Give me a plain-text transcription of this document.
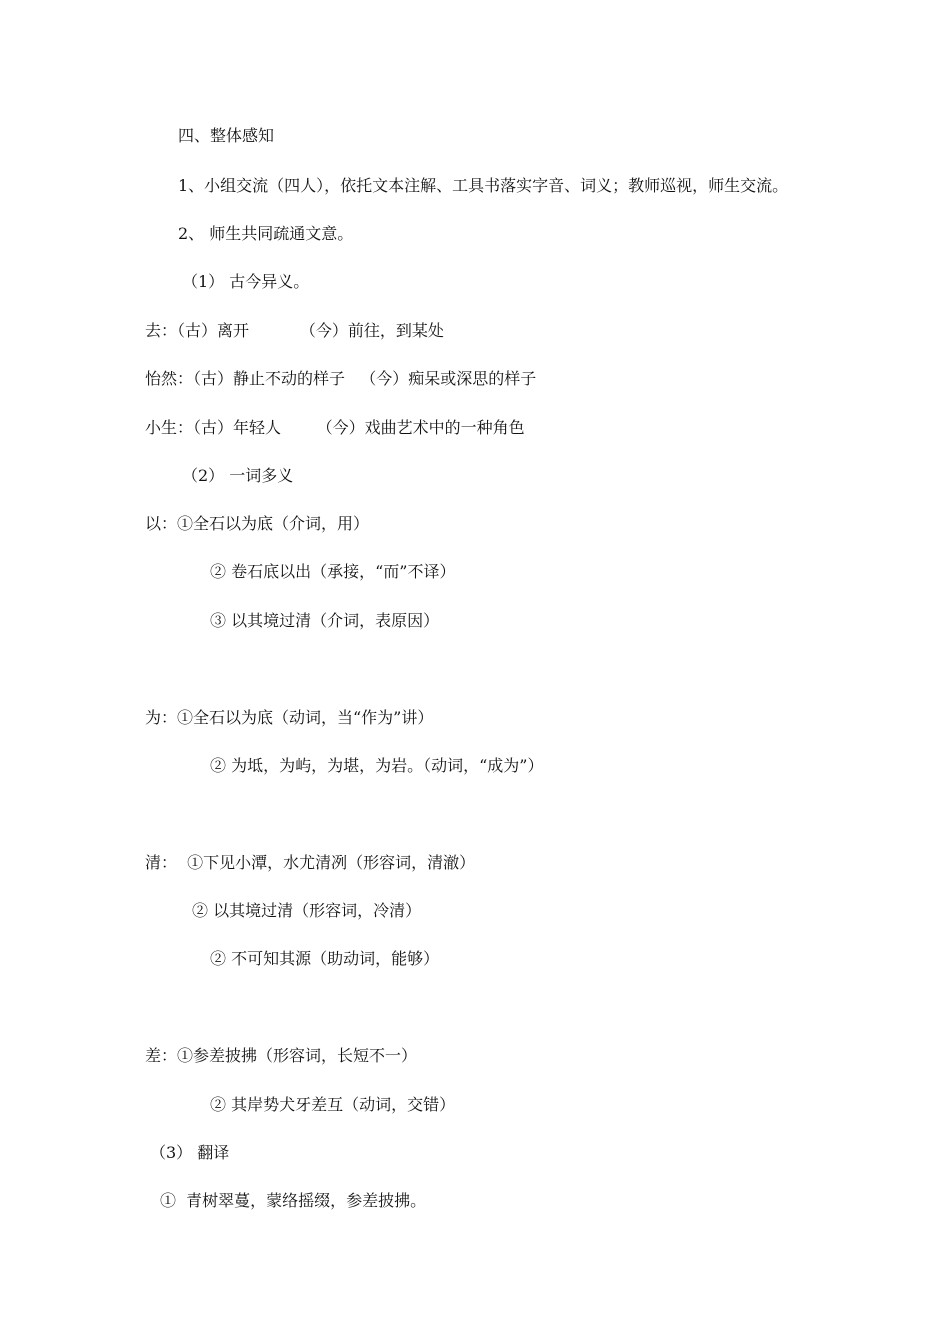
四、整体感知
1、小组交流（四人），依托文本注解、工具书落实字音、词义；教师巡视，师生交流。
2、 师生共同疏通文意。
（1） 古今异义。
去：（古）离开          （今）前往，到某处
怡然：（古）静止不动的样子   （今）痴呆或深思的样子
小生：（古）年轻人       （今）戏曲艺术中的一种角色
（2） 一词多义
以：①全石以为底（介词，用）
② 卷石底以出（承接，“而”不译）
③ 以其境过清（介词，表原因）
为：①全石以为底（动词，当“作为”讲）
② 为坻，为屿，为堪，为岩。（动词，“成为”）
清：  ①下见小潭，水尤清冽（形容词，清澈）
② 以其境过清（形容词，冷清）
② 不可知其源（助动词，能够）
差：①参差披拂（形容词，长短不一）
② 其岸势犬牙差互（动词，交错）
（3） 翻译
①  青树翠蔓，蒙络摇缀，参差披拂。
